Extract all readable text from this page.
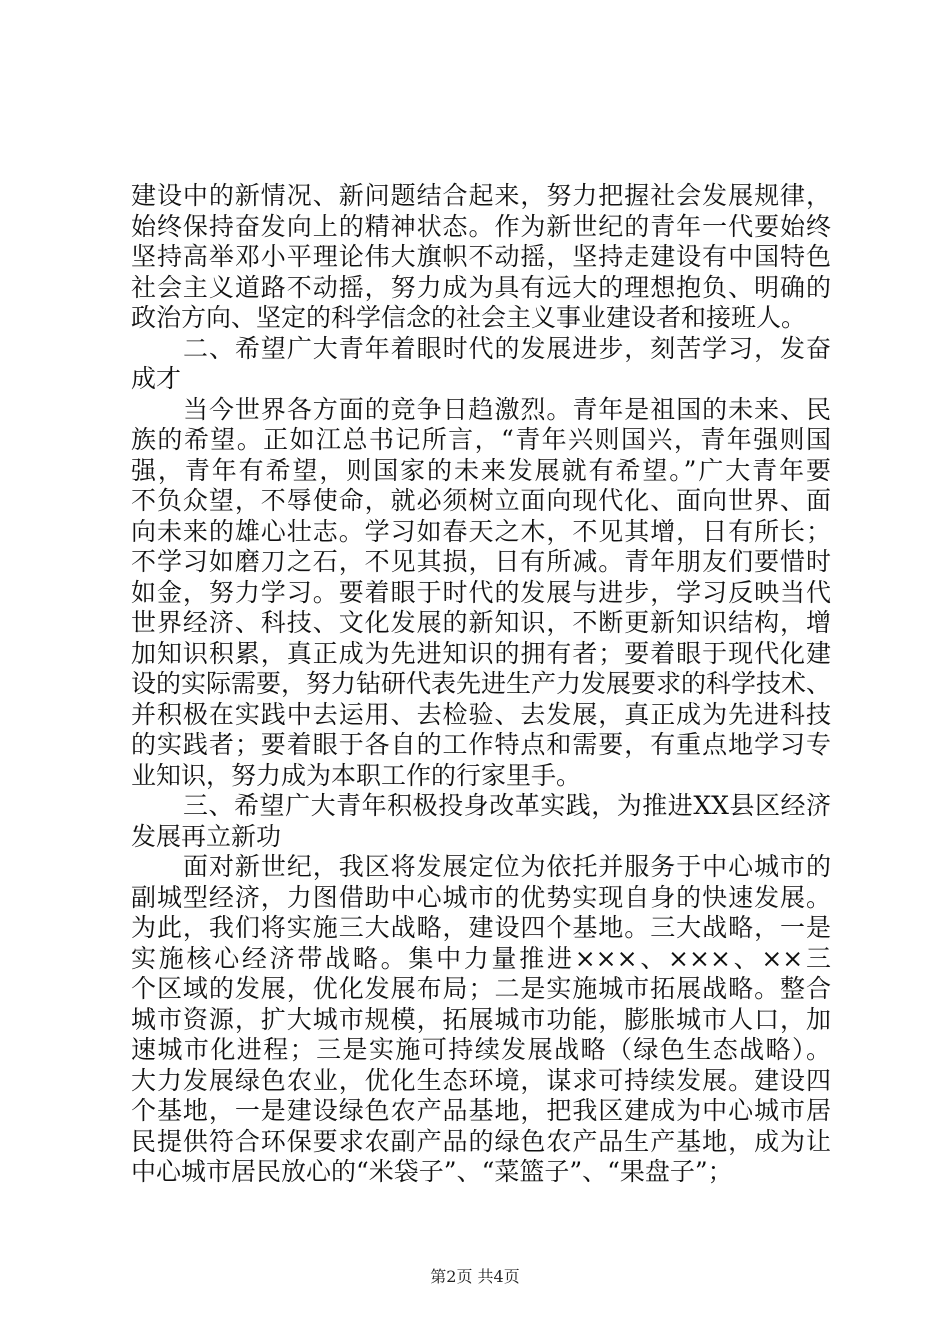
建设中的新情况、新问题结合起来，努力把握社会发展规律，
始终保持奋发向上的精神状态。作为新世纪的青年一代要始终
坚持高举邓小平理论伟大旗帜不动摇，坚持走建设有中国特色
社会主义道路不动摇，努力成为具有远大的理想抱负、明确的
政治方向、坚定的科学信念的社会主义事业建设者和接班人。
二、希望广大青年着眼时代的发展进步，刻苦学习，发奋
成才
当今世界各方面的竞争日趋激烈。青年是祖国的未来、民
族的希望。正如江总书记所言，“青年兴则国兴，青年强则国
强，青年有希望，则国家的未来发展就有希望。”广大青年要
不负众望，不辱使命，就必须树立面向现代化、面向世界、面
向未来的雄心壮志。学习如春天之木，不见其增，日有所长；
不学习如磨刀之石，不见其损，日有所减。青年朋友们要惜时
如金，努力学习。要着眼于时代的发展与进步，学习反映当代
世界经济、科技、文化发展的新知识，不断更新知识结构，增
加知识积累，真正成为先进知识的拥有者；要着眼于现代化建
设的实际需要，努力钻研代表先进生产力发展要求的科学技术、
并积极在实践中去运用、去检验、去发展，真正成为先进科技
的实践者；要着眼于各自的工作特点和需要，有重点地学习专
业知识，努力成为本职工作的行家里手。
三、希望广大青年积极投身改革实践，为推进XX县区经济
发展再立新功
面对新世纪，我区将发展定位为依托并服务于中心城市的
副城型经济，力图借助中心城市的优势实现自身的快速发展。
为此，我们将实施三大战略，建设四个基地。三大战略，一是
实施核心经济带战略。集中力量推进×××、×××、××三
个区域的发展，优化发展布局；二是实施城市拓展战略。整合
城市资源，扩大城市规模，拓展城市功能，膨胀城市人口，加
速城市化进程；三是实施可持续发展战略（绿色生态战略）。
大力发展绿色农业，优化生态环境，谋求可持续发展。建设四
个基地，一是建设绿色农产品基地，把我区建成为中心城市居
民提供符合环保要求农副产品的绿色农产品生产基地，成为让
中心城市居民放心的“米袋子”、“菜篮子”、“果盘子”；
第2页 共4页
